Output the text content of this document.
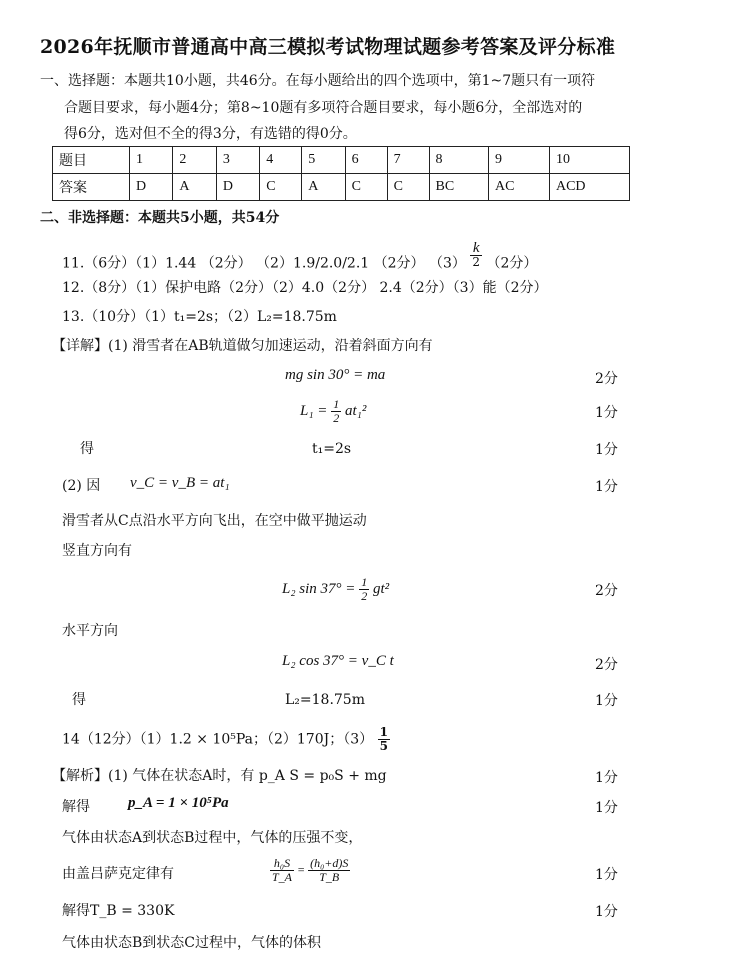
2026年抚顺市普通高中高三模拟考试物理试题参考答案及评分标准
一、选择题：本题共10小题，共46分。在每小题给出的四个选项中，第1~7题只有一项符
合题目要求，每小题4分；第8~10题有多项符合题目要求，每小题6分，全部选对的
得6分，选对但不全的得3分，有选错的得0分。
题目	1	2	3	4	5	6	7	8	9	10
答案	D	A	D	C	A	C	C	BC	AC	ACD
二、非选择题：本题共5小题，共54分
11.（6分）（1）1.44 （2分） （2）1.9/2.0/2.1 （2分） $(3) \frac{k}{2} (2$分）
12.（8分）（1）保护电路（2分）（2）4.0（2分） 2.4（2分）（3）能（2分）
13.（10分）（1）t₁=2s；（2）L₂=18.75m
【详解】(1) 滑雪者在AB轨道做匀加速运动，沿着斜面方向有
mg sin 30° = ma	2分
$L_1 = \frac{1}{2} at_1^2$	1分
得	t₁=2s	1分
(2) 因 v_C = v_B = at₁	1分
滑雪者从C点沿水平方向飞出，在空中做平抛运动
竖直方向有
L₂ $\sin 37^\circ = \frac{1}{2} gt^2$	2分
水平方向
L₂ cos 37° = v_C t	2分
得	L₂=18.75m	1分
14（12分）（1）1.2 × 10⁵Pa；（2）170J；$(3) \frac{1}{5}$
【解析】(1) 气体在状态A时，有 p_A S = p₀S + mg	1分
解得	p_A = 1 × 10⁵Pa	1分
气体由状态A到状态B过程中，气体的压强不变，
由盖吕萨克定律有	$\frac{\text{h₀S}}{T\_A} = \frac{\text{(h₀+d)S}}{T\_B}$	1分
解得T_B = 330K	1分
气体由状态B到状态C过程中，气体的体积
